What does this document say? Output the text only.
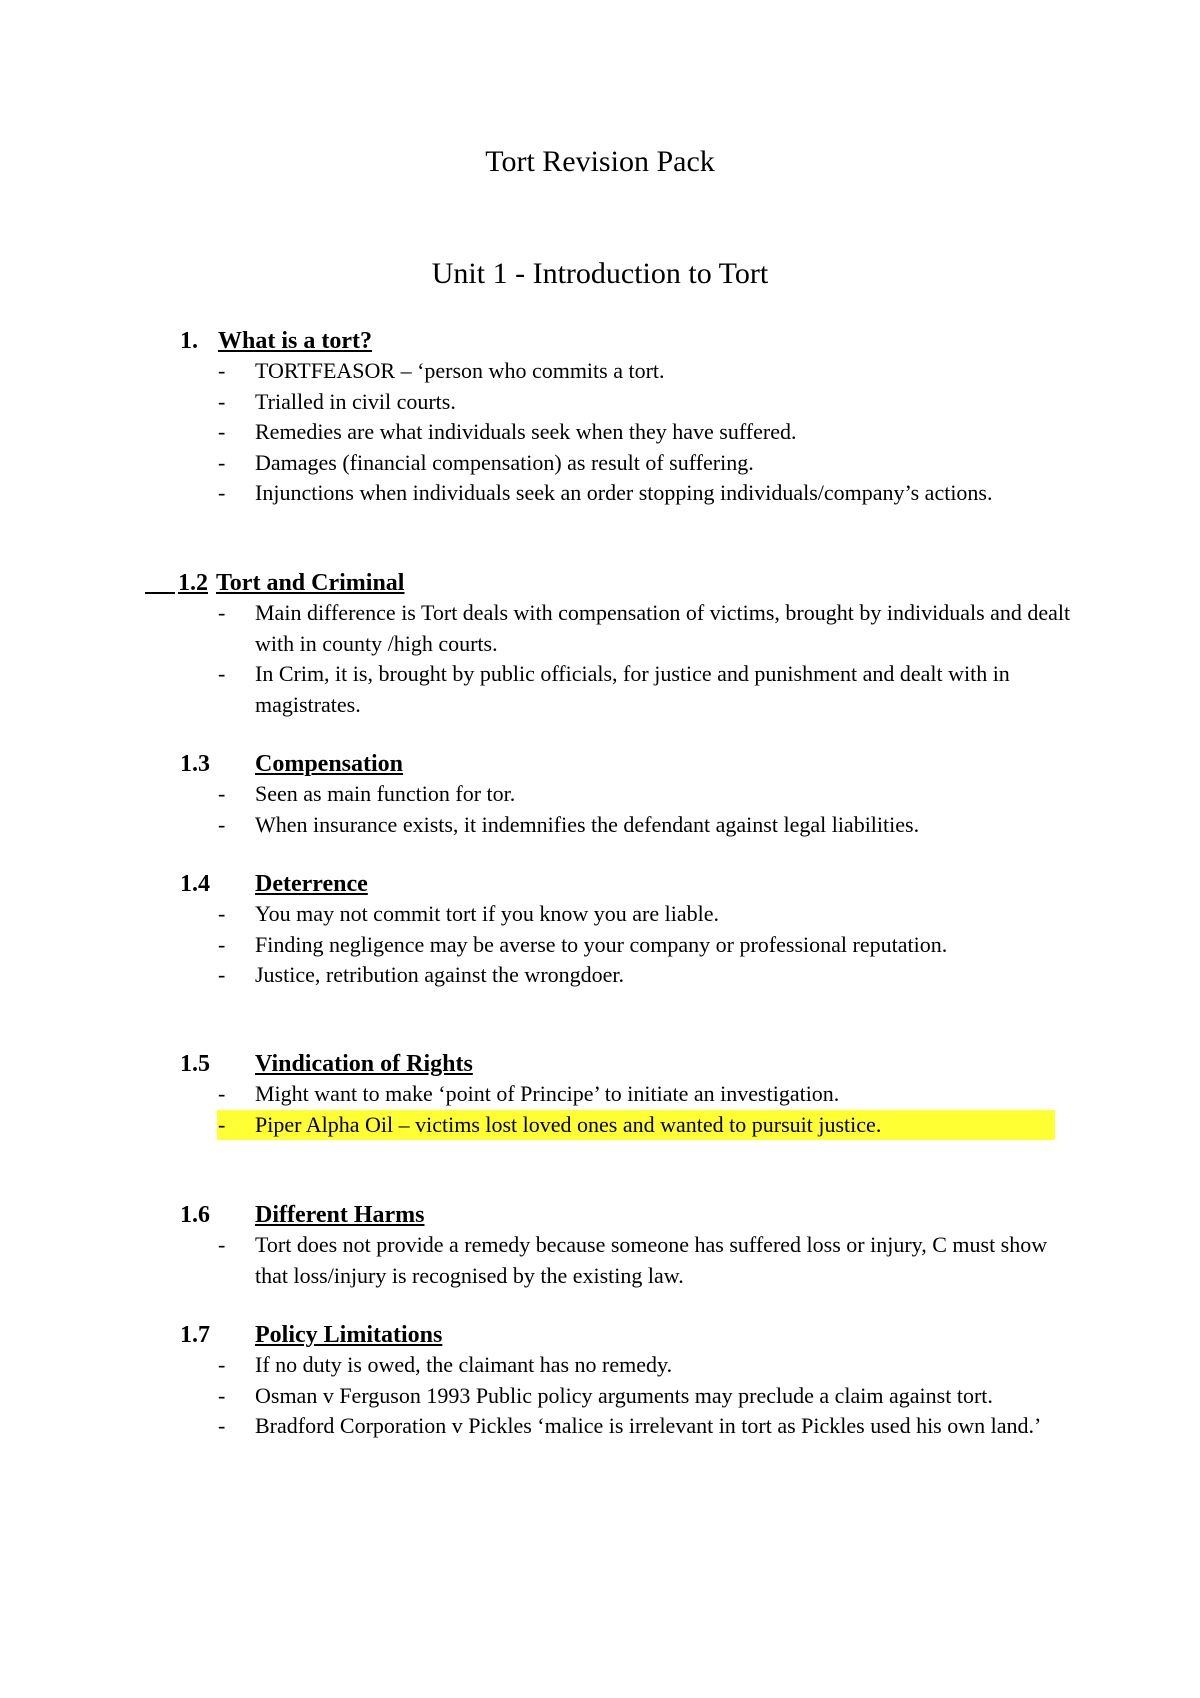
Tort Revision Pack
Unit 1 - Introduction to Tort
1. What is a tort?
- TORTFEASOR – ‘person who commits a tort.
- Trialled in civil courts.
- Remedies are what individuals seek when they have suffered.
- Damages (financial compensation) as result of suffering.
- Injunctions when individuals seek an order stopping individuals/company’s actions.

1.2 Tort and Criminal
- Main difference is Tort deals with compensation of victims, brought by individuals and dealt with in county /high courts.
- In Crim, it is, brought by public officials, for justice and punishment and dealt with in magistrates.
1.3 Compensation
- Seen as main function for tor.
- When insurance exists, it indemnifies the defendant against legal liabilities.
1.4 Deterrence
- You may not commit tort if you know you are liable.
- Finding negligence may be averse to your company or professional reputation.
- Justice, retribution against the wrongdoer.
1.5 Vindication of Rights
- Might want to make ‘point of Principe’ to initiate an investigation.
- Piper Alpha Oil – victims lost loved ones and wanted to pursuit justice.
1.6 Different Harms
- Tort does not provide a remedy because someone has suffered loss or injury, C must show that loss/injury is recognised by the existing law.
1.7 Policy Limitations
- If no duty is owed, the claimant has no remedy.
- Osman v Ferguson 1993 Public policy arguments may preclude a claim against tort.
- Bradford Corporation v Pickles ‘malice is irrelevant in tort as Pickles used his own land.’
